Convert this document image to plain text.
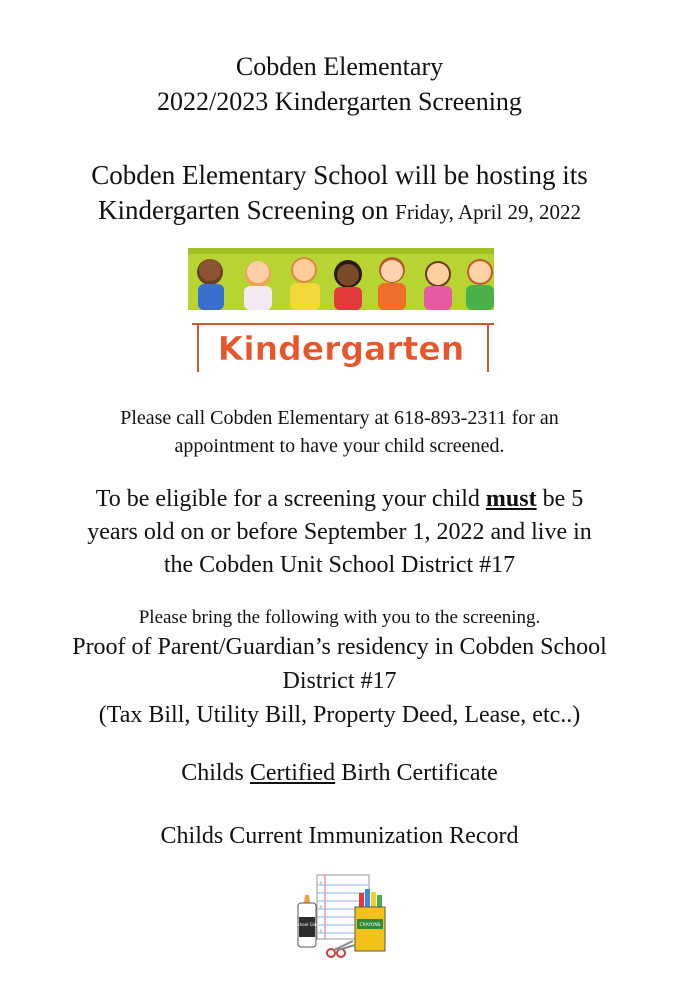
Cobden Elementary
2022/2023 Kindergarten Screening
Cobden Elementary School will be hosting its
Kindergarten Screening on Friday, April 29, 2022
Kindergarten
Please call Cobden Elementary at 618-893-2311 for an
appointment to have your child screened.
To be eligible for a screening your child must be 5
years old on or before September 1, 2022 and live in
the Cobden Unit School District #17
Please bring the following with you to the screening.
Proof of Parent/Guardian’s residency in Cobden School
District #17
(Tax Bill, Utility Bill, Property Deed, Lease, etc..)
Childs Certified Birth Certificate
Childs Current Immunization Record
School Glue	CRAYONS
